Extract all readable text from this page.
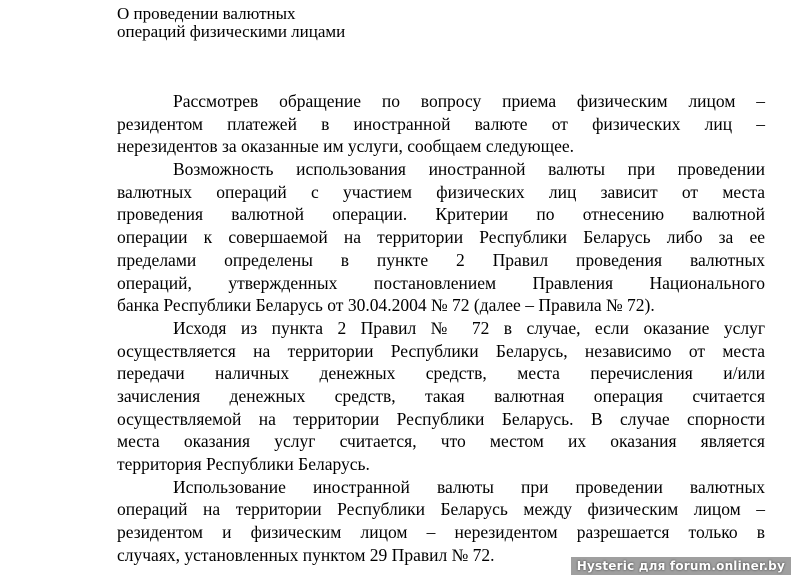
О проведении валютных
операций физическими лицами
Рассмотрев обращение по вопросу приема физическим лицом –
резидентом платежей в иностранной валюте от физических лиц –
нерезидентов за оказанные им услуги, сообщаем следующее.
Возможность использования иностранной валюты при проведении
валютных операций с участием физических лиц зависит от места
проведения валютной операции. Критерии по отнесению валютной
операции к совершаемой на территории Республики Беларусь либо за ее
пределами определены в пункте 2 Правил проведения валютных
операций, утвержденных постановлением Правления Национального
банка Республики Беларусь от 30.04.2004 № 72 (далее – Правила № 72).
Исходя из пункта 2 Правил № 72 в случае, если оказание услуг
осуществляется на территории Республики Беларусь, независимо от места
передачи наличных денежных средств, места перечисления и/или
зачисления денежных средств, такая валютная операция считается
осуществляемой на территории Республики Беларусь. В случае спорности
места оказания услуг считается, что местом их оказания является
территория Республики Беларусь.
Использование иностранной валюты при проведении валютных
операций на территории Республики Беларусь между физическим лицом –
резидентом и физическим лицом – нерезидентом разрешается только в
случаях, установленных пунктом 29 Правил № 72.
Hysteric для forum.onliner.by
